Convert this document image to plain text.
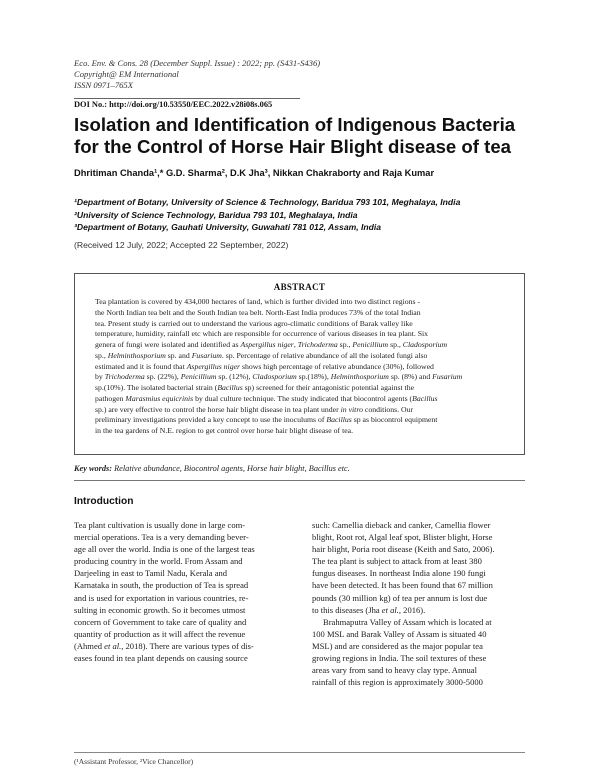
Eco. Env. & Cons. 28 (December Suppl. Issue) : 2022; pp. (S431-S436)
Copyright@ EM International
ISSN 0971–765X
DOI No.: http://doi.org/10.53550/EEC.2022.v28i08s.065
Isolation and Identification of Indigenous Bacteria for the Control of Horse Hair Blight disease of tea
Dhritiman Chanda¹,* G.D. Sharma², D.K Jha³, Nikkan Chakraborty and Raja Kumar
¹Department of Botany, University of Science & Technology, Baridua 793 101, Meghalaya, India
²University of Science Technology, Baridua 793 101, Meghalaya, India
³Department of Botany, Gauhati University, Guwahati 781 012, Assam, India
(Received 12 July, 2022; Accepted 22 September, 2022)
ABSTRACT
Tea plantation is covered by 434,000 hectares of land, which is further divided into two distinct regions -
the North Indian tea belt and the South Indian tea belt. North-East India produces 73% of the total Indian
tea. Present study is carried out to understand the various agro-climatic conditions of Barak valley like
temperature, humidity, rainfall etc which are responsible for occurrence of various diseases in tea plant. Six
genera of fungi were isolated and identified as Aspergillus niger, Trichoderma sp., Penicillium sp., Cladosporium
sp., Helminthosporium sp. and Fusarium. sp. Percentage of relative abundance of all the isolated fungi also
estimated and it is found that Aspergillus niger shows high percentage of relative abundance (30%), followed
by Trichoderma sp. (22%), Penicillium sp. (12%), Cladosporium sp.(18%), Helminthosporium sp. (8%) and Fusarium
sp.(10%). The isolated bacterial strain (Bacillus sp) screened for their antagonistic potential against the
pathogen Marasmius equicrinis by dual culture technique. The study indicated that biocontrol agents (Bacillus
sp.) are very effective to control the horse hair blight disease in tea plant under in vitro conditions. Our
preliminary investigations provided a key concept to use the inoculums of Bacillus sp as biocontrol equipment
in the tea gardens of N.E. region to get control over horse hair blight disease of tea.
Key words: Relative abundance, Biocontrol agents, Horse hair blight, Bacillus etc.
Introduction
Tea plant cultivation is usually done in large com-
mercial operations. Tea is a very demanding bever-
age all over the world. India is one of the largest teas
producing country in the world. From Assam and
Darjeeling in east to Tamil Nadu, Kerala and
Karnataka in south, the production of Tea is spread
and is used for exportation in various countries, re-
sulting in economic growth. So it becomes utmost
concern of Government to take care of quality and
quantity of production as it will affect the revenue
(Ahmed et al., 2018). There are various types of dis-
eases found in tea plant depends on causing source
such: Camellia dieback and canker, Camellia flower
blight, Root rot, Algal leaf spot, Blister blight, Horse
hair blight, Poria root disease (Keith and Sato, 2006).
The tea plant is subject to attack from at least 380
fungus diseases. In northeast India alone 190 fungi
have been detected. It has been found that 67 million
pounds (30 million kg) of tea per annum is lost due
to this diseases (Jha et al., 2016).
Brahmaputra Valley of Assam which is located at
100 MSL and Barak Valley of Assam is situated 40
MSL) and are considered as the major popular tea
growing regions in India. The soil textures of these
areas vary from sand to heavy clay type. Annual
rainfall of this region is approximately 3000-5000
(¹Assistant Professor, ²Vice Chancellor)
